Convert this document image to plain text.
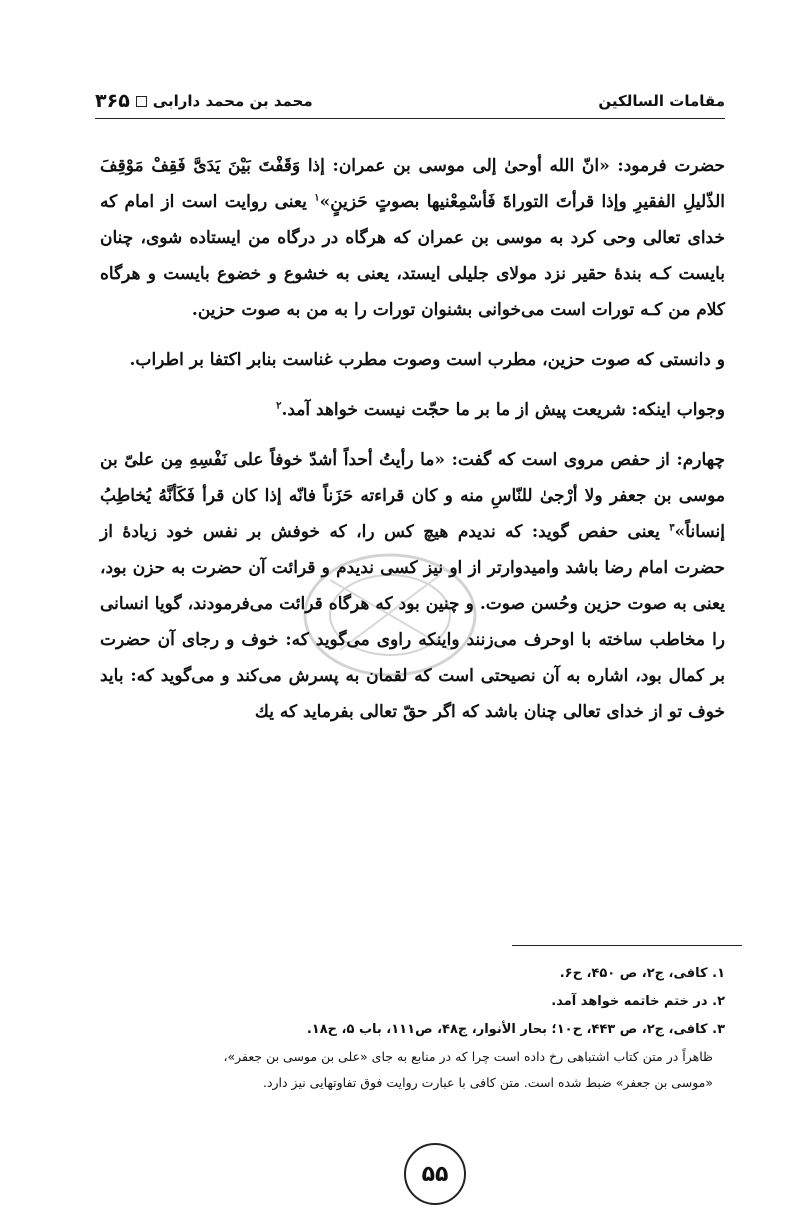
مقامات السالکین
محمد بن محمد دارابی
۳۶۵

حضرت فرمود: «انّ الله أوحیٰ إلی موسی بن عمران: إذا وَقَفْتَ بَیْنَ یَدَیَّ فَقِفْ مَوْقِفَ الذّلیلِ الفقیرِ وإذا قرأتَ التوراةَ فَأسْمِعْنیها بصوتٍ حَزینٍ»$^۱$ یعنی روایت است از امام که خدای تعالی وحی کرد به موسی بن عمران که هرگاه در درگاه من ایستاده شوی، چنان بایست کـه بندهٔ حقیر نزد مولای جلیلی ایستد، یعنی به خشوع و خضوع بایست و هرگاه کلام من کـه تورات است می‌خوانی بشنوان تورات را به من به صوت حزین.

و دانستی که صوت حزین، مطرب است وصوت مطرب غناست بنابر اکتفا بر اطراب.

وجواب اینکه: شریعت پیش از ما بر ما حجّت نیست خواهد آمد.$^۲$

چهارم: از حفص مروی است که گفت: «ما رأیتُ أحداً أشدّ خوفاً علی نَفْسِهِ مِن علیّ بن موسی بن جعفر ولا أرْجیٰ للنّاسِ منه و کان قراءته حَزَناً فانّه إذا کان قرأ فَکَأنَّهُ یُخاطِبُ إنساناً»$^۳$ یعنی حفص گوید: که ندیدم هیچ کس را، که خوفش بر نفس خود زیادهٔ از حضرت امام رضا باشد وامیدوارتر از او نیز کسی ندیدم و قرائت آن حضرت به حزن بود، یعنی به صوت حزین وحُسن صوت. و چنین بود که هرگاه قرائت می‌فرمودند، گویا انسانی را مخاطب ساخته با اوحرف می‌زنند واینکه راوی می‌گوید که: خوف و رجای آن حضرت بر کمال بود، اشاره به آن نصیحتی است که لقمان به پسرش می‌کند و می‌گوید که: باید خوف تو از خدای تعالی چنان باشد که اگر حقّ تعالی بفرماید که یك

۱. کافی، ج۲، ص ۴۵۰، ح۶.
۲. در ختم خاتمه خواهد آمد.
۳. کافی، ج۲، ص ۴۴۳، ح۱۰؛ بحار الأنوار، ج۴۸، ص۱۱۱، باب ۵، ح۱۸.
ظاهراً در متن کتاب اشتباهی رخ داده است چرا که در منابع به جای «علی بن موسی بن جعفر»،
«موسی بن جعفر» ضبط شده است. متن کافی با عبارت روایت فوق تفاوتهایی نیز دارد.
۵۵
